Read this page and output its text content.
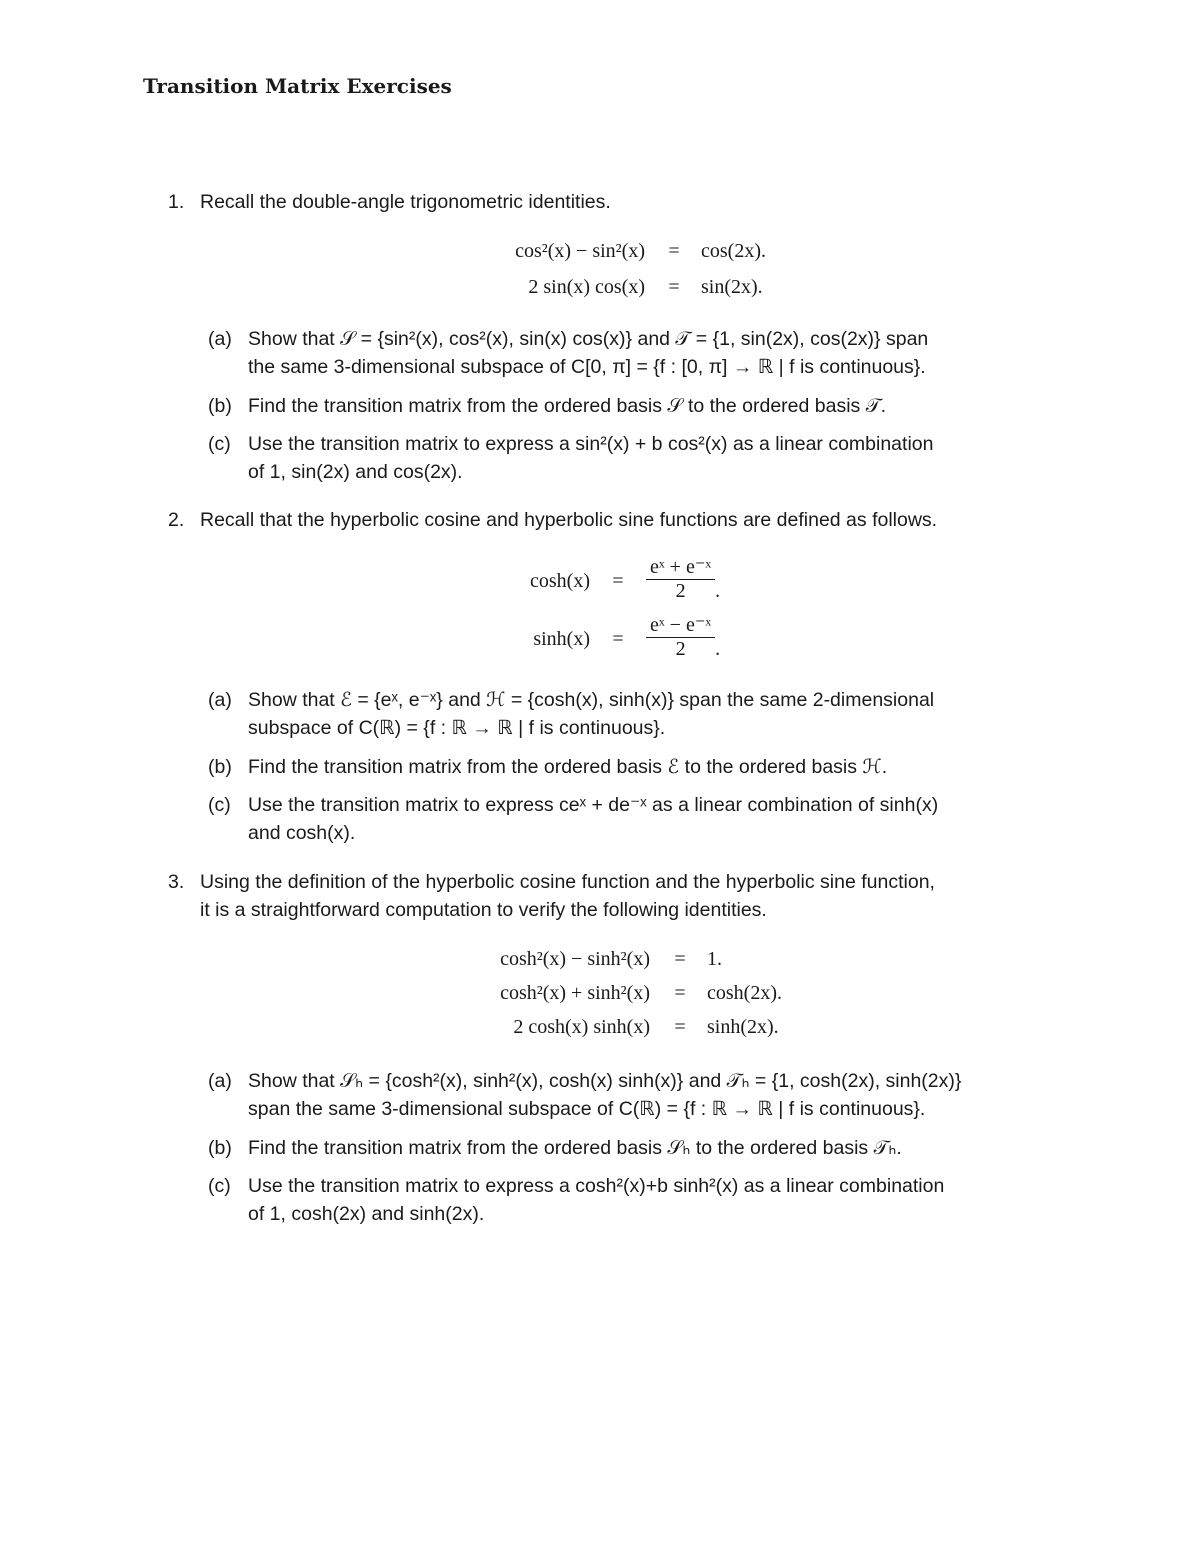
Transition Matrix Exercises
1. Recall the double-angle trigonometric identities.
cos²(x) − sin²(x) = cos(2x).
2 sin(x) cos(x) = sin(2x).
(a) Show that 𝒮 = {sin²(x), cos²(x), sin(x) cos(x)} and 𝒯 = {1, sin(2x), cos(2x)} span
the same 3-dimensional subspace of C[0, π] = {f : [0, π] → ℝ | f is continuous}.
(b) Find the transition matrix from the ordered basis 𝒮 to the ordered basis 𝒯.
(c) Use the transition matrix to express a sin²(x) + b cos²(x) as a linear combination
of 1, sin(2x) and cos(2x).
2. Recall that the hyperbolic cosine and hyperbolic sine functions are defined as follows.
$\cosh(x) = \frac{\text{eˣ + e⁻ˣ}}{2}$ .
$\sinh(x) = \frac{\text{eˣ − e⁻ˣ}}{2}$ .
(a) Show that ℰ = {eˣ, e⁻ˣ} and ℋ = {cosh(x), sinh(x)} span the same 2-dimensional
subspace of C(ℝ) = {f : ℝ → ℝ | f is continuous}.
(b) Find the transition matrix from the ordered basis ℰ to the ordered basis ℋ.
(c) Use the transition matrix to express ceˣ + de⁻ˣ as a linear combination of sinh(x)
and cosh(x).
3. Using the definition of the hyperbolic cosine function and the hyperbolic sine function,
it is a straightforward computation to verify the following identities.
cosh²(x) − sinh²(x) = 1.
cosh²(x) + sinh²(x) = cosh(2x).
2 cosh(x) sinh(x) = sinh(2x).
(a) Show that 𝒮ₕ = {cosh²(x), sinh²(x), cosh(x) sinh(x)} and 𝒯ₕ = {1, cosh(2x), sinh(2x)}
span the same 3-dimensional subspace of C(ℝ) = {f : ℝ → ℝ | f is continuous}.
(b) Find the transition matrix from the ordered basis 𝒮ₕ to the ordered basis 𝒯ₕ.
(c) Use the transition matrix to express a cosh²(x)+b sinh²(x) as a linear combination
of 1, cosh(2x) and sinh(2x).
